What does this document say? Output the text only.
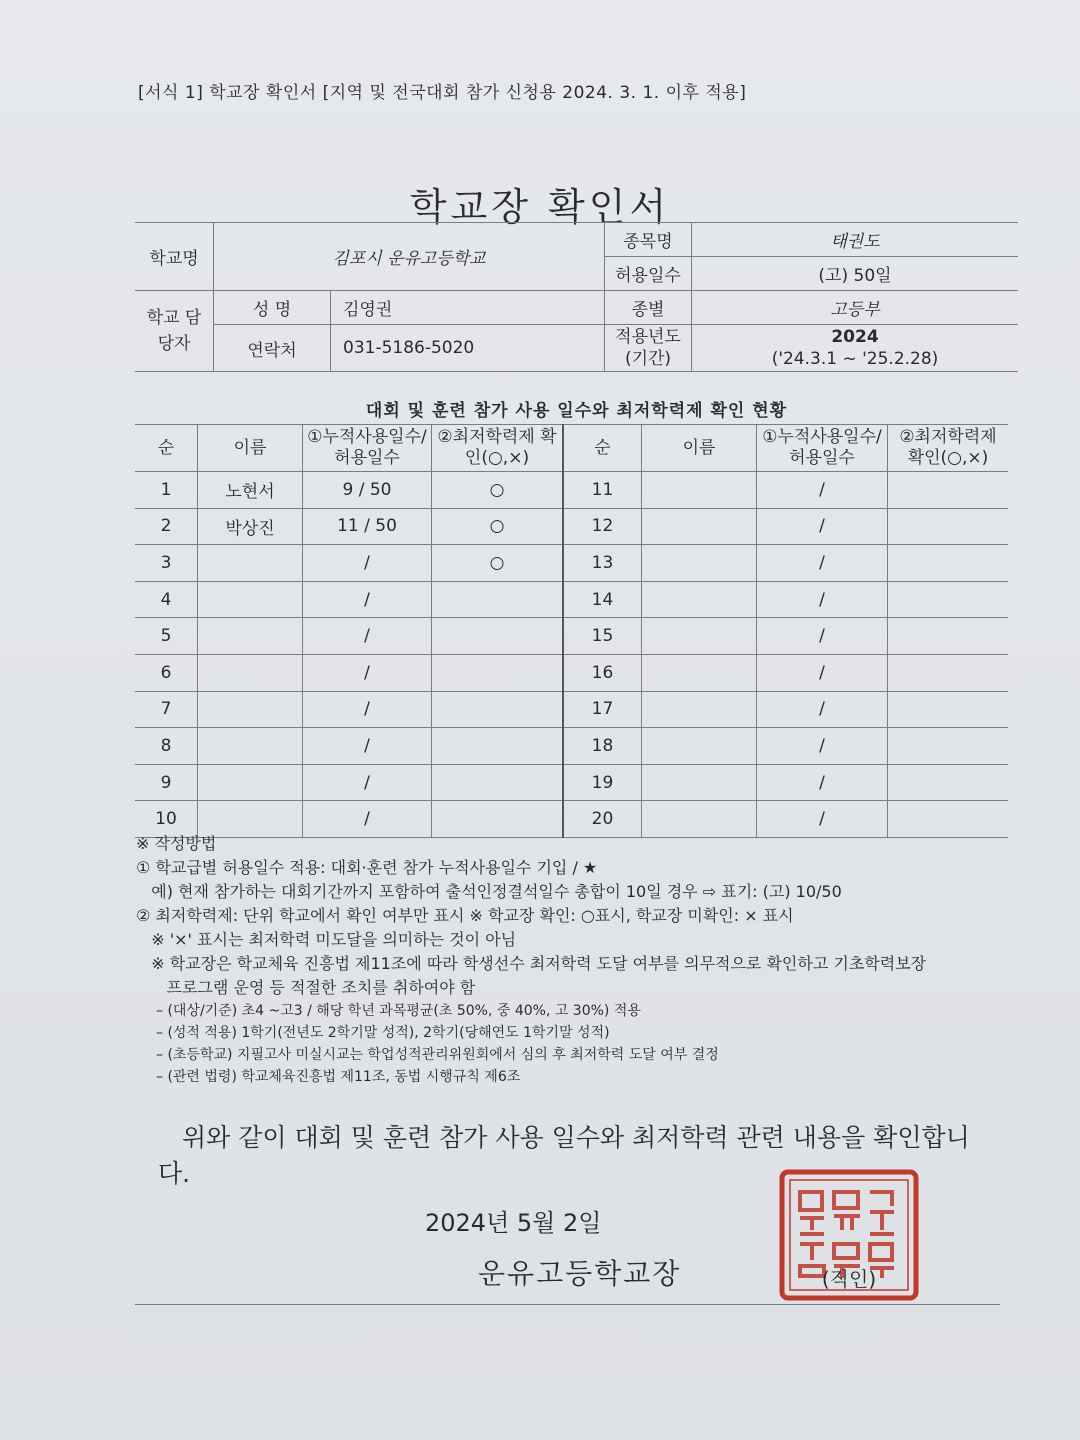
[서식 1] 학교장 확인서 [지역 및 전국대회 참가 신청용 2024. 3. 1. 이후 적용]
학교장 확인서
학교명	김포시 운유고등학교		종목명	태권도
			허용일수	(고) 50일
학교 담당자	성 명	김영권	종별	고등부
	연락처	031-5186-5020	적용년도 (기간)	2024
('24.3.1 ~ '25.2.28)
대회 및 훈련 참가 사용 일수와 최저학력제 확인 현황
순	이름	①누적사용일수/ 허용일수	②최저학력제 확인(○,×)	순	이름	①누적사용일수/ 허용일수	②최저학력제 확인(○,×)
1	노현서	9 / 50	○	11		/	
2	박상진	11 / 50	○	12		/	
3		/	○	13		/	
4		/		14		/	
5		/		15		/	
6		/		16		/	
7		/		17		/	
8		/		18		/	
9		/		19		/	
10		/		20		/	
※ 작성방법
① 학교급별 허용일수 적용: 대회·훈련 참가 누적사용일수 기입 / ★
예) 현재 참가하는 대회기간까지 포함하여 출석인정결석일수 총합이 10일 경우 ⇨ 표기: (고) 10/50
② 최저학력제: 단위 학교에서 확인 여부만 표시 ※ 학교장 확인: ○표시, 학교장 미확인: × 표시
※ '×' 표시는 최저학력 미도달을 의미하는 것이 아님
※ 학교장은 학교체육 진흥법 제11조에 따라 학생선수 최저학력 도달 여부를 의무적으로 확인하고 기초학력보장
프로그램 운영 등 적절한 조치를 취하여야 함
– (대상/기준) 초4 ~고3 / 해당 학년 과목평균(초 50%, 중 40%, 고 30%) 적용
– (성적 적용) 1학기(전년도 2학기말 성적), 2학기(당해연도 1학기말 성적)
– (초등학교) 지필고사 미실시교는 학업성적관리위원회에서 심의 후 최저학력 도달 여부 결정
– (관련 법령) 학교체육진흥법 제11조, 동법 시행규칙 제6조
위와 같이 대회 및 훈련 참가 사용 일수와 최저학력 관련 내용을 확인합니다.
2024년 5월 2일
운유고등학교장	(직인)
